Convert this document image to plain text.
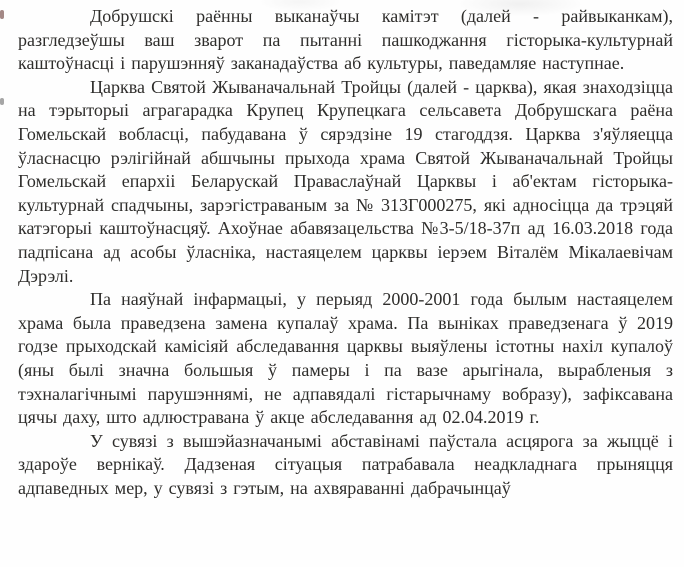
Добрушскі раённы выканаўчы камітэт (далей - райвыканкам), разгледзеўшы ваш зварот па пытанні пашкоджання гісторыка-культурнай каштоўнасці і парушэнняў заканадаўства аб культуры, паведамляе наступнае.

Царква Святой Жываначальнай Тройцы (далей - царква), якая знаходзіцца на тэрыторыі аграгарадка Крупец Крупецкага сельсавета Добрушскага раёна Гомельскай вобласці, пабудавана ў сярэдзіне 19 стагоддзя. Царква з'яўляецца ўласнасцю рэлігійнай абшчыны прыхода храма Святой Жываначальнай Тройцы Гомельскай епархіі Беларускай Праваслаўнай Царквы і аб'ектам гісторыка-культурнай спадчыны, зарэгістраваным за № 313Г000275, які адносіцца да трэцяй катэгорыі каштоўнасцяў. Ахоўнае абавязацельства №3-5/18-37п ад 16.03.2018 года падпісана ад асобы ўласніка, настаяцелем царквы іерэем Віталём Мікалаевічам Дэрэлі.

Па наяўнай інфармацыі, у перыяд 2000-2001 года былым настаяцелем храма была праведзена замена купалаў храма. Па выніках праведзенага ў 2019 годзе прыходскай камісіяй абследавання царквы выяўлены істотны нахіл купалоў (яны былі значна большыя ў памеры і па вазе арыгінала, вырабленыя з тэхналагічнымі парушэннямі, не адпавядалі гістарычнаму вобразу), зафіксавана цячы даху, што адлюстравана ў акце абследавання ад 02.04.2019 г.

У сувязі з вышэйазначанымі абставінамі паўстала асцярога за жыццё і здароўе вернікаў. Дадзеная сітуацыя патрабавала неадкладнага прыняцця адпаведных мер, у сувязі з гэтым, на ахвяраванні дабрачынцаў
